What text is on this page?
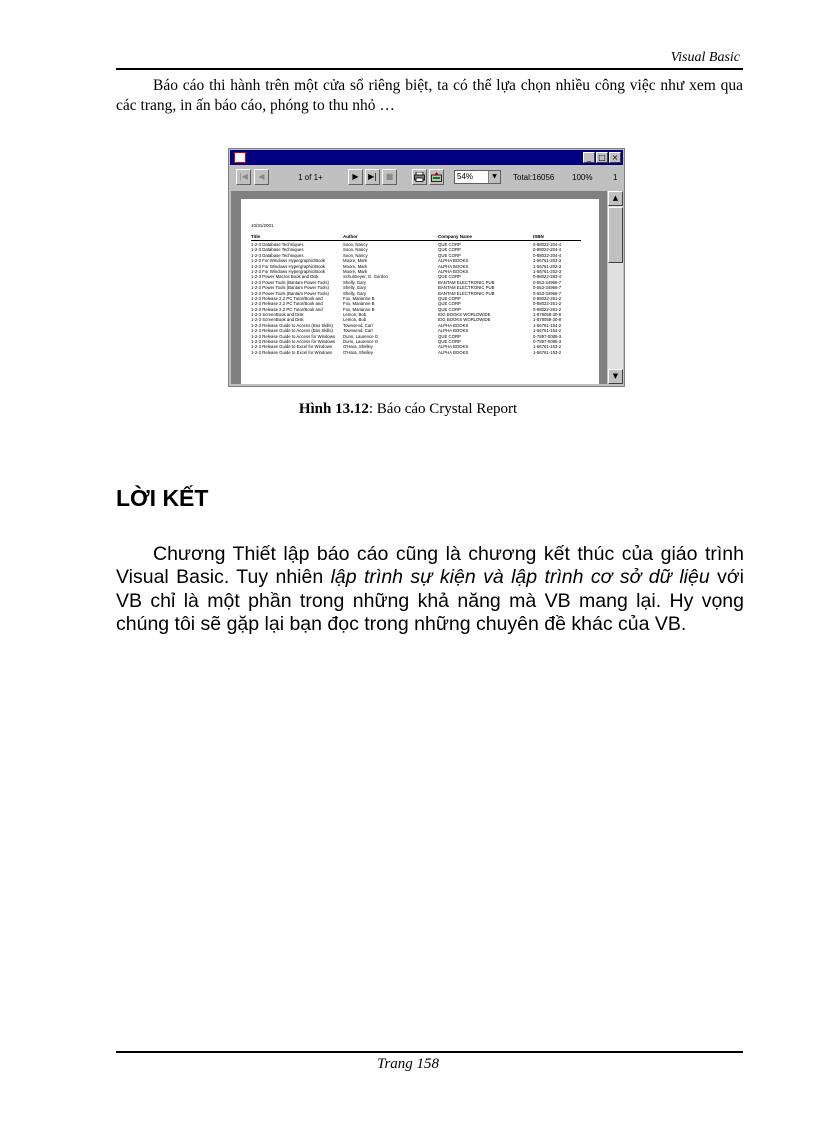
Visual Basic

Báo cáo thi hành trên một cửa sổ riêng biệt, ta có thể lựa chọn nhiều công việc như xem qua các trang, in ấn báo cáo, phóng to thu nhỏ …

_ □ ×
|◀	◀	1 of 1+	▶	▶|	■	54%	▼	Total:16056 100%	1
10/31/2001
Title	Author	Company Name	ISBN
1-2-3 Database Techniques	Soon, Nancy	QUE CORP	0-88022-204-4
1-2-3 Database Techniques	Soon, Nancy	QUE CORP	0-88022-204-4
1-2-3 Database Techniques	Soon, Nancy	QUE CORP	0-88022-204-4
1-2-3 For Windows Hypergraphic/Book	Moore, Mark	ALPHA BOOKS	1-56761-202-3
1-2-3 For Windows Hypergraphic/Book	Moore, Mark	ALPHA BOOKS	1-56761-202-3
1-2-3 For Windows Hypergraphic/Book	Moore, Mark	ALPHA BOOKS	1-56761-202-3
1-2-3 Power Macros Book and Disk	Schulmeyer, G. Gordon	QUE CORP	0-88022-283-4
1-2-3 Power Tools (Bantam Power Tools)	Shelly, Gary	BANTAM ELECTRONIC PUB	0-553-34966-7
1-2-3 Power Tools (Bantam Power Tools)	Shelly, Gary	BANTAM ELECTRONIC PUB	0-553-34966-7
1-2-3 Power Tools (Bantam Power Tools)	Shelly, Gary	BANTAM ELECTRONIC PUB	0-553-34966-7
1-2-3 Release 2.2 PC Tutor/Book and	Fox, Marianne B	QUE CORP	0-88022-261-2
1-2-3 Release 2.2 PC Tutor/Book and	Fox, Marianne B	QUE CORP	0-88022-261-2
1-2-3 Release 2.2 PC Tutor/Book and	Fox, Marianne B	QUE CORP	0-88022-261-2
1-2-3 ScreenBook and Disk	Lemon, Bob	IDG BOOKS WORLDWIDE	1-878058-30-8
1-2-3 ScreenBook and Disk	Lemon, Bob	IDG BOOKS WORLDWIDE	1-878058-30-8
1-2-3 Release Guide to Access (Bus Skills)	Townsend, Carl	ALPHA BOOKS	1-56761-154-2
1-2-3 Release Guide to Access (Bus Skills)	Townsend, Carl	ALPHA BOOKS	1-56761-154-2
1-2-3 Release Guide to Access for Windows	Dunn, Laurence G	QUE CORP	0-7897-0085-3
1-2-3 Release Guide to Access for Windows	Dunn, Laurence G	QUE CORP	0-7897-0085-3
1-2-3 Release Guide to Excel for Windows	O'Hara, Shelley	ALPHA BOOKS	1-56761-153-2
1-2-3 Release Guide to Excel for Windows	O'Hara, Shelley	ALPHA BOOKS	1-56761-153-2
▲
▼
Hình 13.12: Báo cáo Crystal Report
LỜI KẾT

Chương Thiết lập báo cáo cũng là chương kết thúc của giáo trình Visual Basic. Tuy nhiên lập trình sự kiện và lập trình cơ sở dữ liệu với VB chỉ là một phần trong những khả năng mà VB mang lại. Hy vọng chúng tôi sẽ gặp lại bạn đọc trong những chuyên đề khác của VB.

Trang 158
